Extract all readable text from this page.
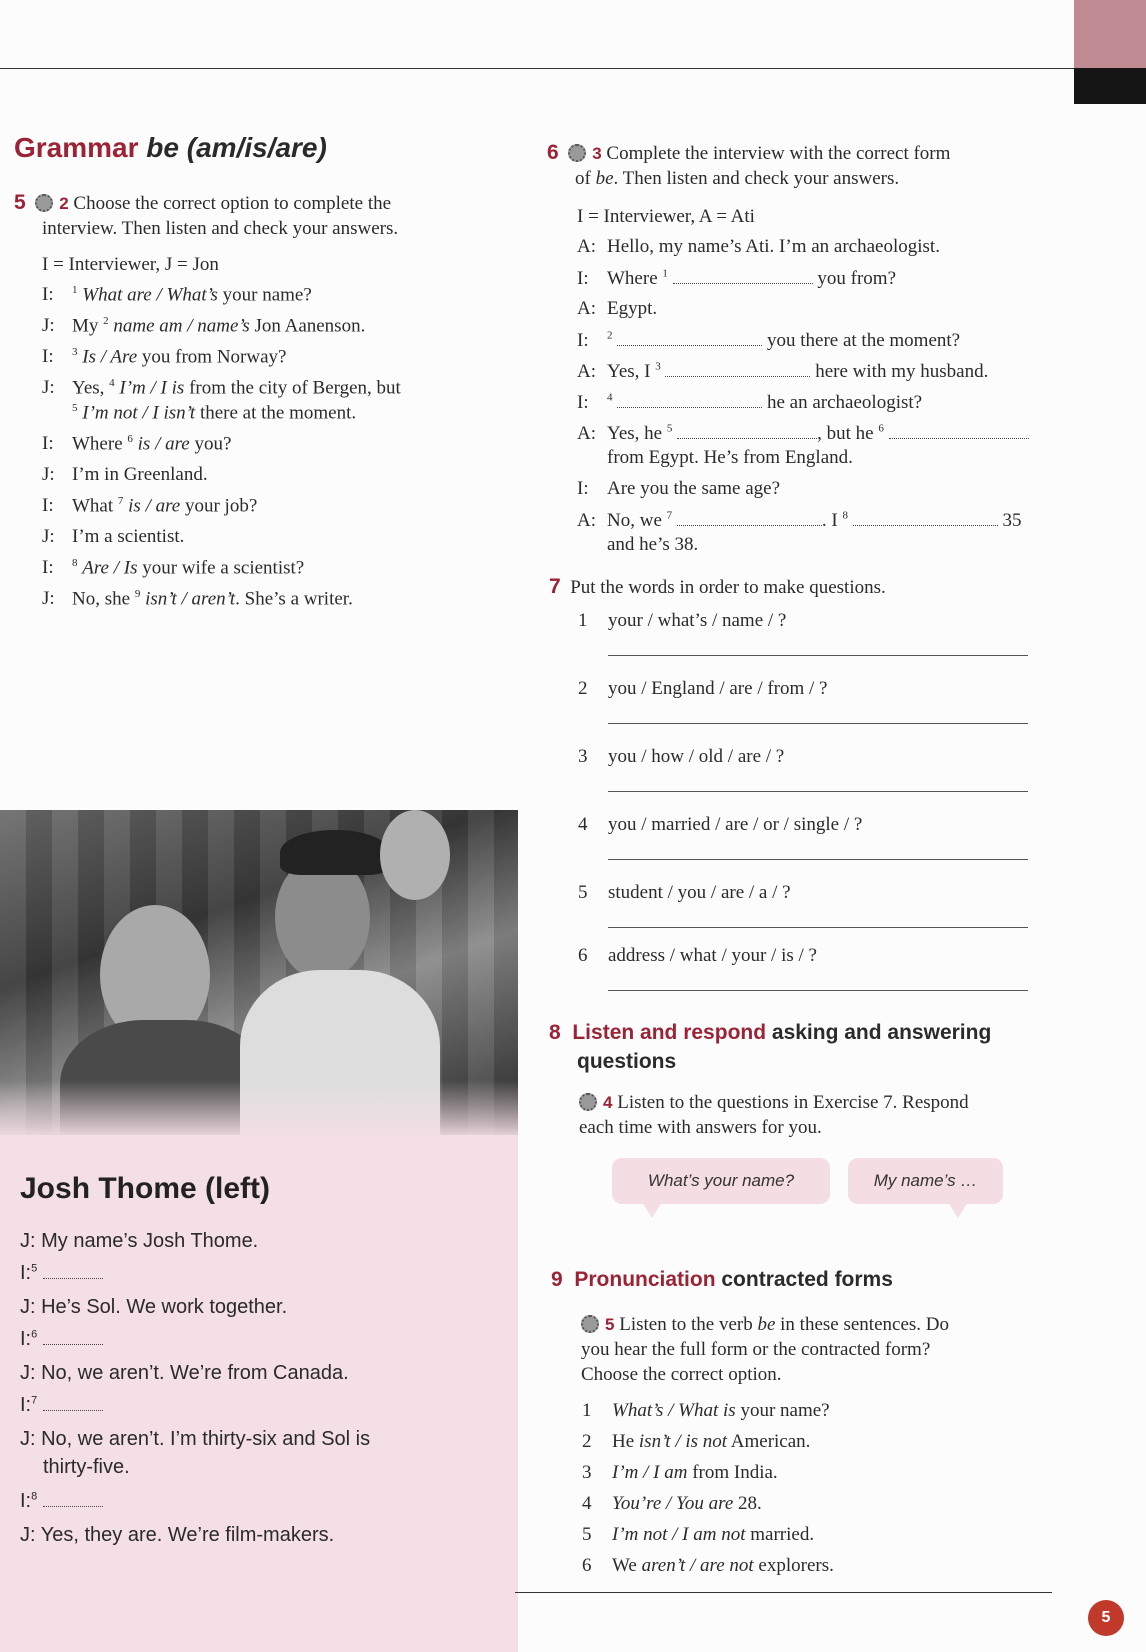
Grammar be (am/is/are)
5 2 Choose the correct option to complete the
interview. Then listen and check your answers.
I = Interviewer, J = Jon
I: $^1$ What are / What’s your name?
J: My $^2$ name am / name’s Jon Aanenson.
I: $^3$ Is / Are you from Norway?
J: Yes, $^4$ I’m / I is from the city of Bergen, but
$^5$ I’m not / I isn’t there at the moment.
I: Where $^6$ is / are you?
J: I’m in Greenland.
I: What $^7$ is / are your job?
J: I’m a scientist.
I: $^8$ Are / Is your wife a scientist?
J: No, she $^9$ isn’t / aren’t. She’s a writer.
Josh Thome (left)
J: My name’s Josh Thome.
I:$^5$
J: He’s Sol. We work together.
I:$^6$
J: No, we aren’t. We’re from Canada.
I:$^7$
J: No, we aren’t. I’m thirty-six and Sol is
thirty-five.
I:$^8$
J: Yes, they are. We’re film-makers.
6 3 Complete the interview with the correct form
of be. Then listen and check your answers.
I = Interviewer, A = Ati
A: Hello, my name’s Ati. I’m an archaeologist.
I: Where $^1$	you from?
A: Egypt.
I: $^2$	you there at the moment?
A: Yes, I $^3$	here with my husband.
I: $^4$	he an archaeologist?
A: Yes, he $^5$	, but he $^6$
from Egypt. He’s from England.
I: Are you the same age?
A: No, we $^7$	. I $^8$	35
and he’s 38.
7 Put the words in order to make questions.
1 your / what’s / name / ?
2 you / England / are / from / ?
3 you / how / old / are / ?
4 you / married / are / or / single / ?
5 student / you / are / a / ?
6 address / what / your / is / ?
8 Listen and respond asking and answering
questions
4 Listen to the questions in Exercise 7. Respond
each time with answers for you.
What’s your name?	My name’s …
9 Pronunciation contracted forms
5 Listen to the verb be in these sentences. Do
you hear the full form or the contracted form?
Choose the correct option.
1 What’s / What is your name?
2 He isn’t / is not American.
3 I’m / I am from India.
4 You’re / You are 28.
5 I’m not / I am not married.
6 We aren’t / are not explorers.
5
